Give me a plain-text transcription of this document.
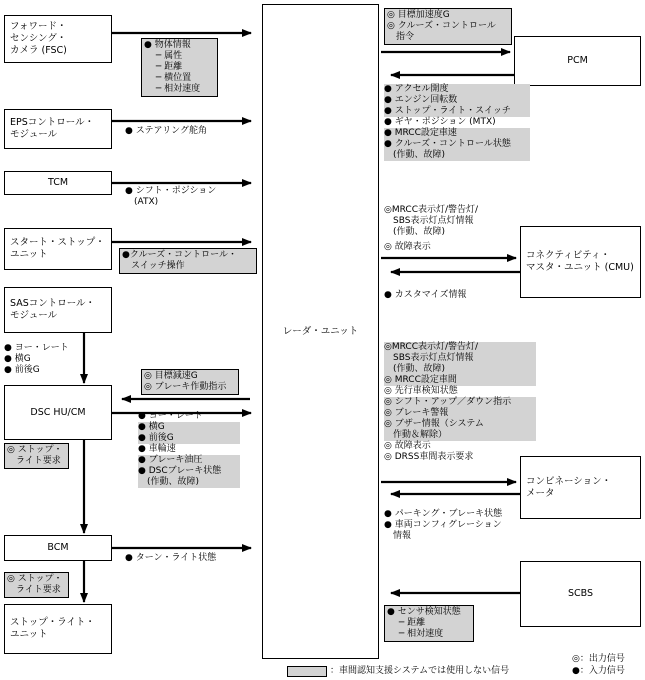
フォワード・
センシング・
カメラ (FSC)
EPSコントロール・
モジュール
TCM
スタート・ストップ・
ユニット
SASコントロール・
モジュール
DSC HU/CM
BCM
ストップ・ライト・
ユニット
レーダ・ユニット
PCM
コネクティビティ・
マスタ・ユニット (CMU)
コンビネーション・
メータ
SCBS
● 物体情報
　 ─ 属性
　 ─ 距離
　 ─ 横位置
　 ─ 相対速度
● ステアリング舵角
● シフト・ポジション
　(ATX)
●クルーズ・コントロール・
　スイッチ操作
● ヨー・レート
● 横G
● 前後G
◎ 目標減速G
◎ ブレーキ作動指示
● ヨー・レート
● 横G
● 前後G
● 車輪速
● ブレーキ油圧
● DSCブレーキ状態
　(作動、故障)
◎ ストップ・
　ライト要求
● ターン・ライト状態
◎ ストップ・
　ライト要求
◎ 目標加速度G
◎ クルーズ・コントロール
　指令
● アクセル開度
● エンジン回転数
● ストップ・ライト・スイッチ
● ギヤ・ポジション (MTX)
● MRCC設定車速
● クルーズ・コントロール状態
　(作動、故障)
◎MRCC表示灯/警告灯/
　SBS表示灯点灯情報
　(作動、故障)
◎ 故障表示
● カスタマイズ情報
◎MRCC表示灯/警告灯/
　SBS表示灯点灯情報
　(作動、故障)
◎ MRCC設定車間
◎ 先行車検知状態
◎ シフト・アップ／ダウン指示
◎ ブレーキ警報
◎ ブザー情報（システム
　作動＆解除）
◎ 故障表示
◎ DRSS車間表示要求
● パーキング・ブレーキ状態
● 車両コンフィグレーション
　情報
● センサ検知状態
　 ─ 距離
　 ─ 相対速度
：車間認知支援システムでは使用しない信号
◎：出力信号
●：入力信号
